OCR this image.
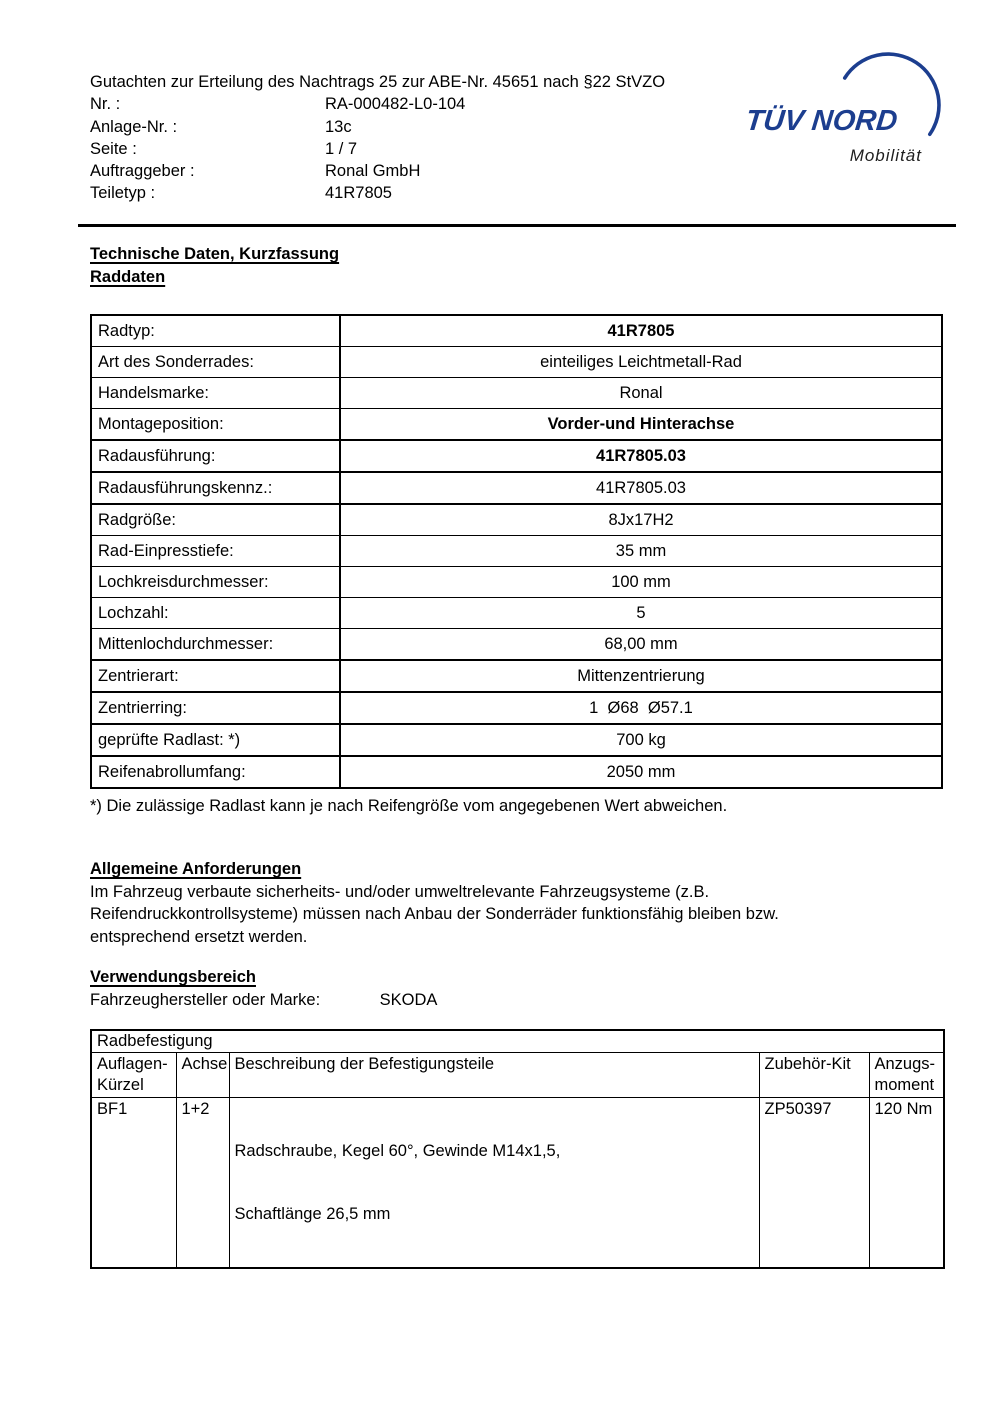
Gutachten zur Erteilung des Nachtrags 25 zur ABE-Nr. 45651 nach §22 StVZO
Nr. :	RA-000482-L0-104
Anlage-Nr. :	13c
Seite :	1 / 7
Auftraggeber :	Ronal GmbH
Teiletyp :	41R7805
TÜV NORD
Mobilität
Technische Daten, Kurzfassung
Raddaten
Radtyp:	41R7805
Art des Sonderrades:	einteiliges Leichtmetall-Rad
Handelsmarke:	Ronal
Montageposition:	Vorder-und Hinterachse
Radausführung:	41R7805.03
Radausführungskennz.:	41R7805.03
Radgröße:	8Jx17H2
Rad-Einpresstiefe:	35 mm
Lochkreisdurchmesser:	100 mm
Lochzahl:	5
Mittenlochdurchmesser:	68,00 mm
Zentrierart:	Mittenzentrierung
Zentrierring:	1  Ø68  Ø57.1
geprüfte Radlast: *)	700 kg
Reifenabrollumfang:	2050 mm
*) Die zulässige Radlast kann je nach Reifengröße vom angegebenen Wert abweichen.
Allgemeine Anforderungen
Im Fahrzeug verbaute sicherheits- und/oder umweltrelevante Fahrzeugsysteme (z.B.
Reifendruckkontrollsysteme) müssen nach Anbau der Sonderräder funktionsfähig bleiben bzw.
entsprechend ersetzt werden.
Verwendungsbereich
Fahrzeughersteller oder Marke:	SKODA
Radbefestigung				
Auflagen-Kürzel	Achse	Beschreibung der Befestigungsteile	Zubehör-Kit	Anzugs-moment
BF1	1+2	Radschraube, Kegel 60°, Gewinde M14x1,5,

Schaftlänge 26,5 mm	ZP50397	120 Nm
